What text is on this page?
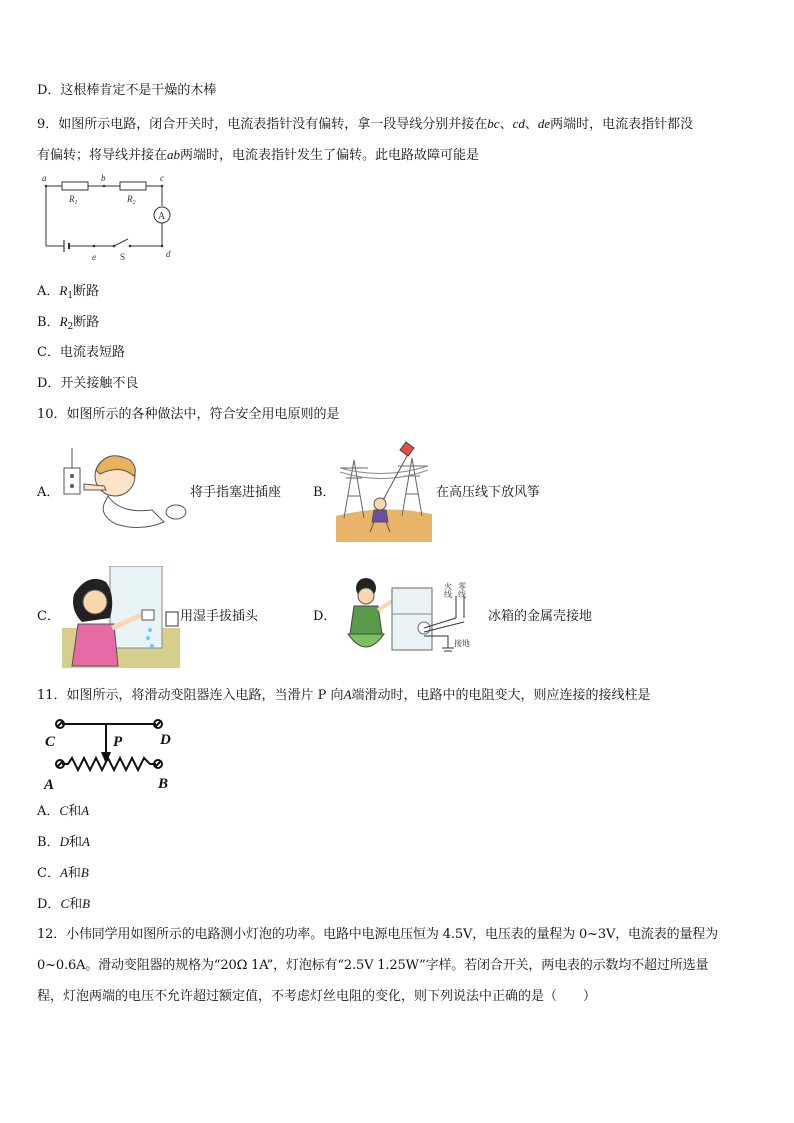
D．这根棒肯定不是干燥的木棒
9．如图所示电路，闭合开关时，电流表指针没有偏转，拿一段导线分别并接在bc、cd、de两端时，电流表指针都没
有偏转；将导线并接在ab两端时，电流表指针发生了偏转。此电路故障可能是
a	b	c
d
e
$R_1$	$R_2$
A
S
A．$R_1$断路
B．$R_2$断路
C．电流表短路
D．开关接触不良
10．如图所示的各种做法中，符合安全用电原则的是
A．	将手指塞进插座 B．	在高压线下放风筝
C．	用湿手拔插头	D．
火线 零线
接地
冰箱的金属壳接地
11．如图所示，将滑动变阻器连入电路，当滑片 P 向A端滑动时，电路中的电阻变大，则应连接的接线柱是
C	D
P
A	B
A．C和A
B．D和A
C．A和B
D．C和B
12．小伟同学用如图所示的电路测小灯泡的功率。电路中电源电压恒为 4.5V，电压表的量程为 0~3V，电流表的量程为
0~0.6A。滑动变阻器的规格为“20Ω 1A”，灯泡标有“2.5V 1.25W”字样。若闭合开关，两电表的示数均不超过所选量
程，灯泡两端的电压不允许超过额定值，不考虑灯丝电阻的变化，则下列说法中正确的是（　　）
